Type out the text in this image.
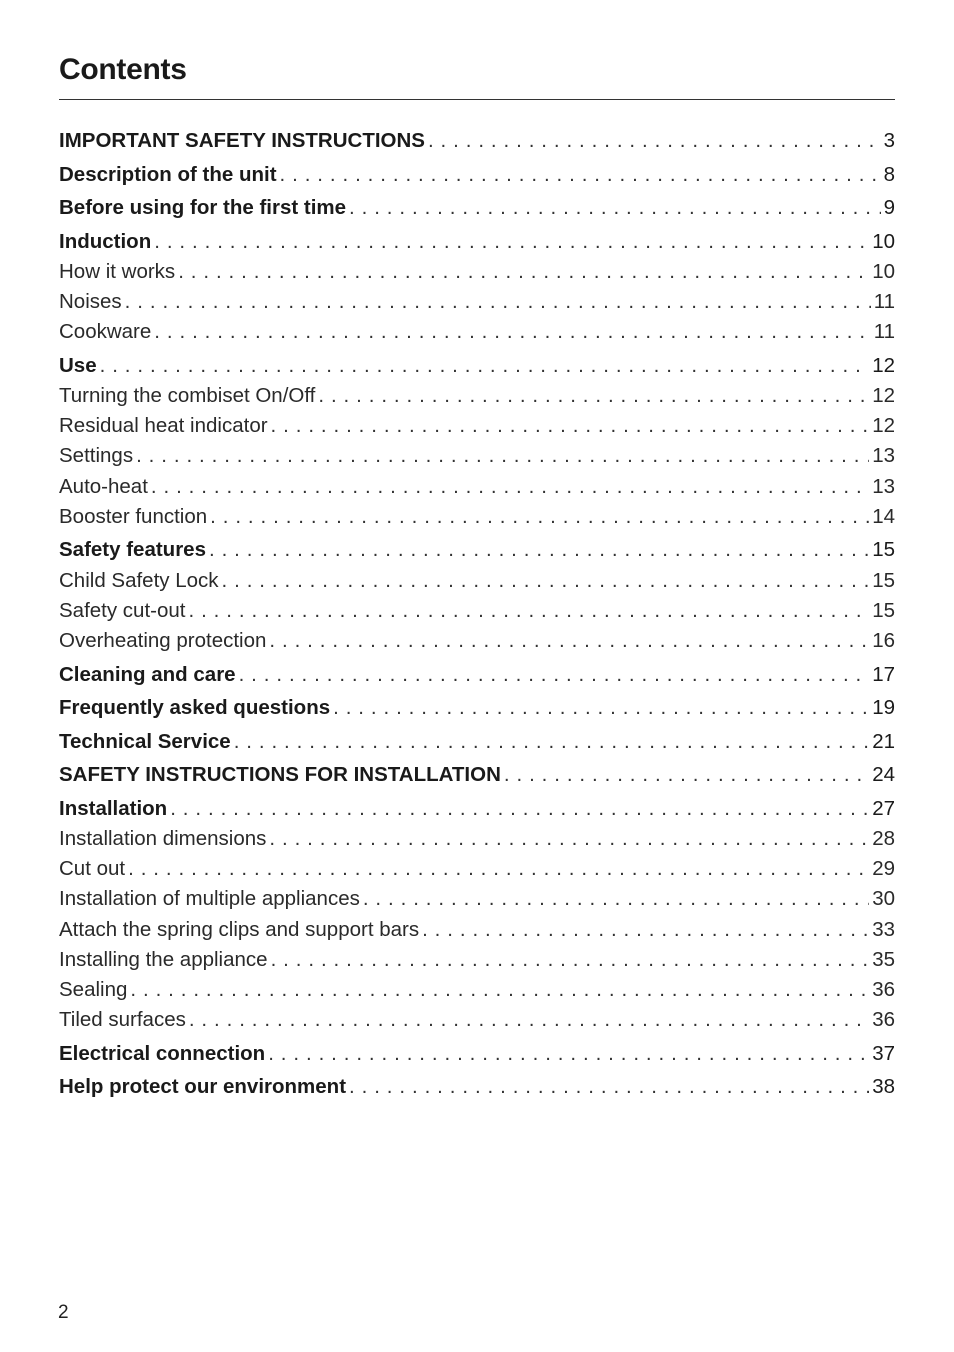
Contents
IMPORTANT SAFETY INSTRUCTIONS . . .	3
Description of the unit . . .	8
Before using for the first time . . .	9
Induction . . .	10
How it works . . .	10
Noises . . .	11
Cookware . . .	11
Use . . .	12
Turning the combiset On/Off . . .	12
Residual heat indicator . . .	12
Settings . . .	13
Auto-heat . . .	13
Booster function . . .	14
Safety features . . .	15
Child Safety Lock . . .	15
Safety cut-out . . .	15
Overheating protection . . .	16
Cleaning and care . . .	17
Frequently asked questions . . .	19
Technical Service . . .	21
SAFETY INSTRUCTIONS FOR INSTALLATION . . .	24
Installation . . .	27
Installation dimensions . . .	28
Cut out . . .	29
Installation of multiple appliances . . .	30
Attach the spring clips and support bars . . .	33
Installing the appliance . . .	35
Sealing . . .	36
Tiled surfaces . . .	36
Electrical connection . . .	37
Help protect our environment . . .	38
2
